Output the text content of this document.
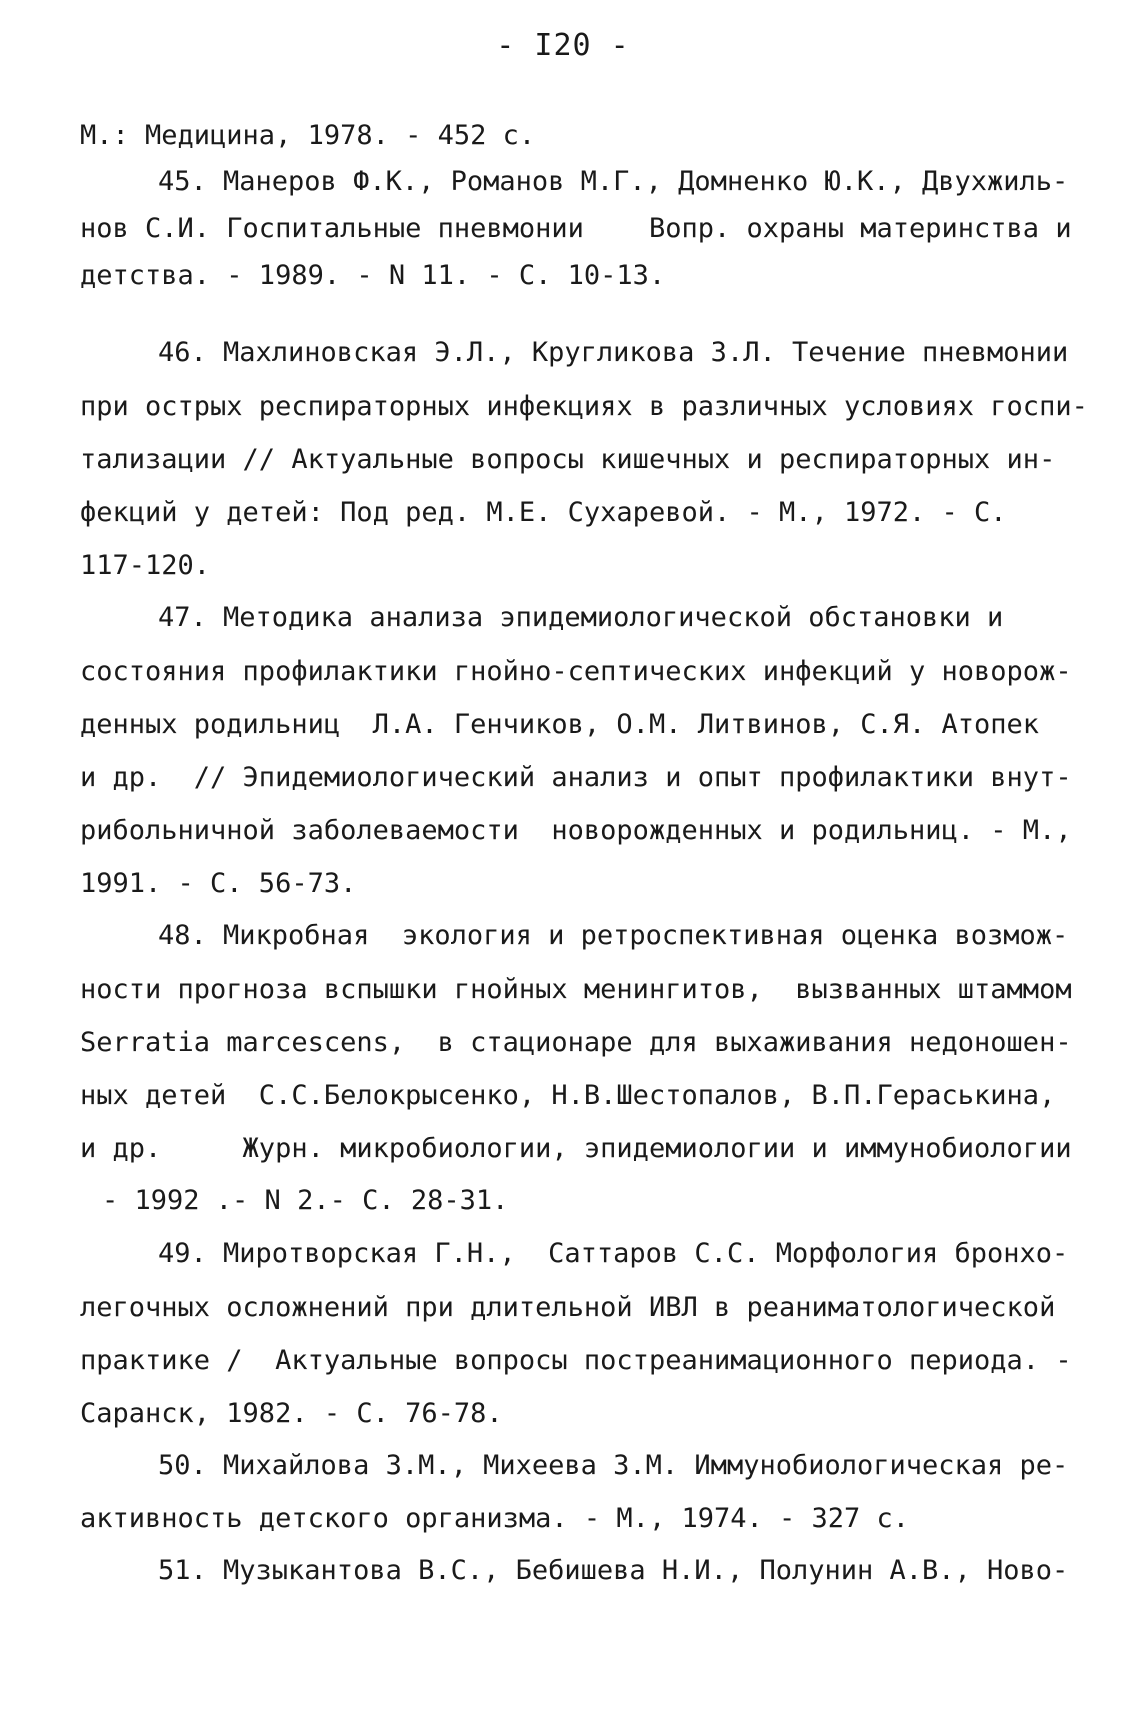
- I20 -
М.: Медицина, 1978. - 452 с.
45. Манеров Ф.К., Романов М.Г., Домненко Ю.К., Двухжиль-
нов С.И. Госпитальные пневмонии    Вопр. охраны материнства и
детства. - 1989. - N 11. - С. 10-13.
46. Махлиновская Э.Л., Кругликова З.Л. Течение пневмонии
при острых респираторных инфекциях в различных условиях госпи-
тализации // Актуальные вопросы кишечных и респираторных ин-
фекций у детей: Под ред. М.Е. Сухаревой. - М., 1972. - С.
117-120.
47. Методика анализа эпидемиологической обстановки и
состояния профилактики гнойно-септических инфекций у новорож-
денных родильниц  Л.А. Генчиков, О.М. Литвинов, С.Я. Атопек
и др.  // Эпидемиологический анализ и опыт профилактики внут-
рибольничной заболеваемости  новорожденных и родильниц. - М.,
1991. - С. 56-73.
48. Микробная  экология и ретроспективная оценка возмож-
ности прогноза вспышки гнойных менингитов,  вызванных штаммом
Serratia marcescens,  в стационаре для выхаживания недоношен-
ных детей  С.С.Белокрысенко, Н.В.Шестопалов, В.П.Гераськина,
и др.     Журн. микробиологии, эпидемиологии и иммунобиологии
- 1992 .- N 2.- С. 28-31.
49. Миротворская Г.Н.,  Саттаров С.С. Морфология бронхо-
легочных осложнений при длительной ИВЛ в реаниматологической
практике /  Актуальные вопросы постреанимационного периода. -
Саранск, 1982. - С. 76-78.
50. Михайлова З.М., Михеева З.М. Иммунобиологическая ре-
активность детского организма. - М., 1974. - 327 с.
51. Музыкантова В.С., Бебишева Н.И., Полунин А.В., Ново-
